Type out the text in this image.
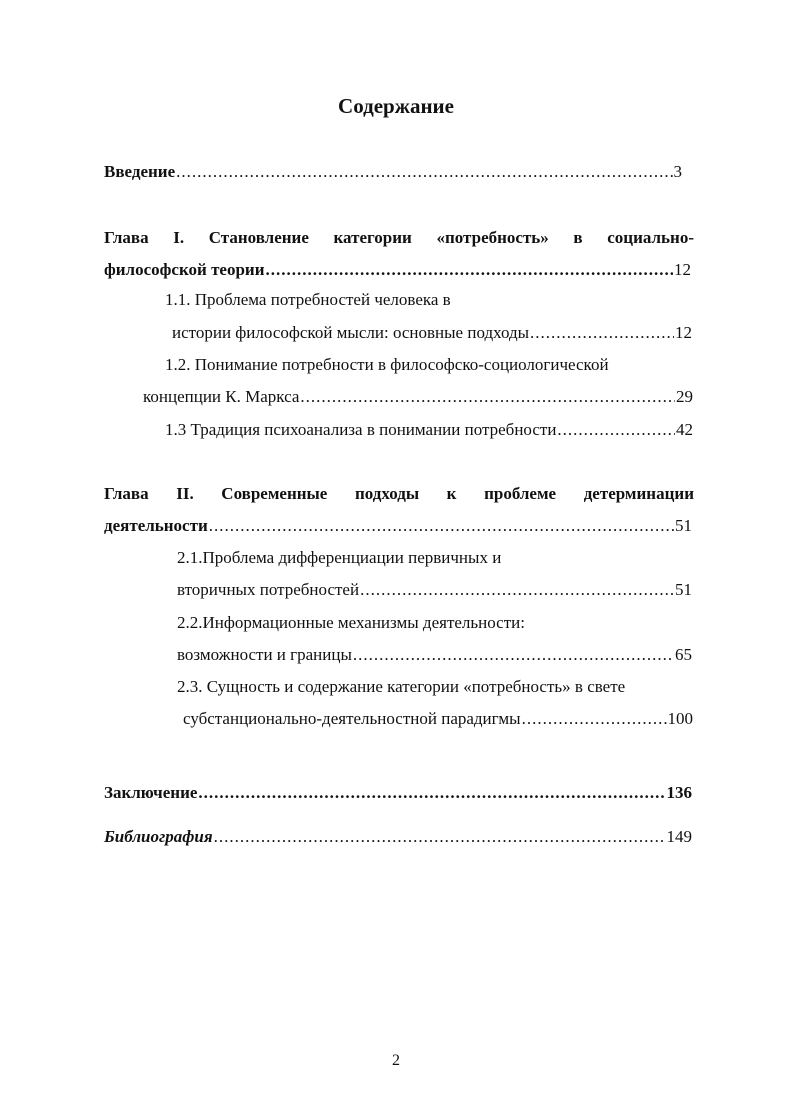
Содержание
Введение .....	3
Глава I. Становление категории «потребность» в социально-
философской теории .....	12
1.1. Проблема потребностей человека в
истории философской мысли: основные подходы .....	12
1.2. Понимание потребности в философско-социологической
концепции К. Маркса .....	29
1.3 Традиция психоанализа в понимании потребности .....	42
Глава II. Современные подходы к проблеме детерминации
деятельности .....	51
2.1.Проблема дифференциации первичных и
вторичных потребностей .....	51
2.2.Информационные механизмы деятельности:
возможности и границы .....	65
2.3. Сущность и содержание категории «потребность» в свете
субстанционально-деятельностной парадигмы .....	100
Заключение .....	136
Библиография .....	149
2
